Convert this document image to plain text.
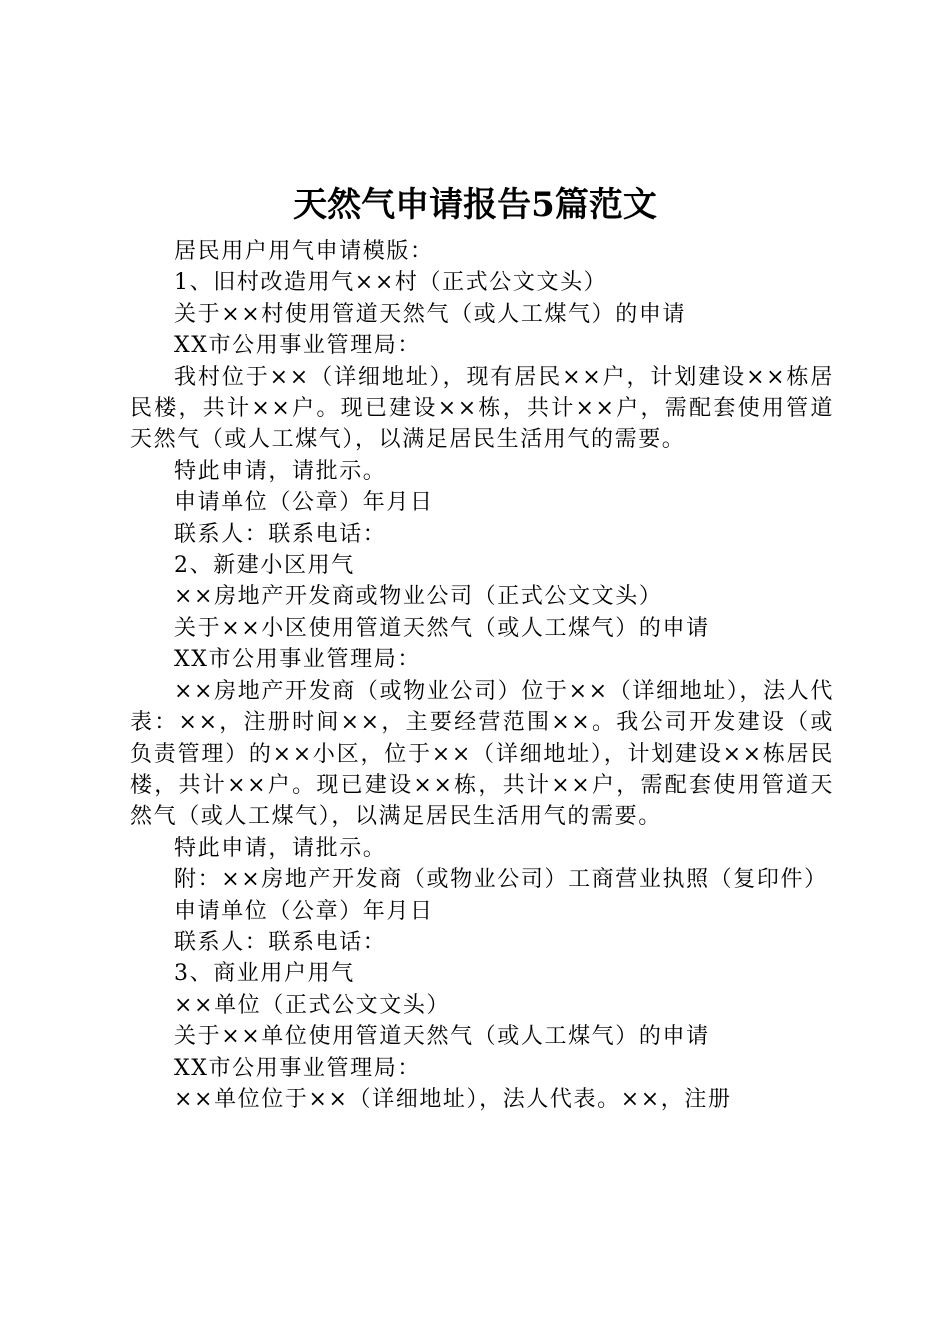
天然气申请报告5篇范文

居民用户用气申请模版：

1、旧村改造用气××村（正式公文文头）

关于××村使用管道天然气（或人工煤气）的申请

XX市公用事业管理局：

我村位于××（详细地址），现有居民××户，计划建设××栋居民楼，共计××户。现已建设××栋，共计××户，需配套使用管道天然气（或人工煤气），以满足居民生活用气的需要。

特此申请，请批示。

申请单位（公章）年月日

联系人：联系电话：

2、新建小区用气

××房地产开发商或物业公司（正式公文文头）

关于××小区使用管道天然气（或人工煤气）的申请

XX市公用事业管理局：

××房地产开发商（或物业公司）位于××（详细地址），法人代表：××，注册时间××，主要经营范围××。我公司开发建设（或负责管理）的××小区，位于××（详细地址），计划建设××栋居民楼，共计××户。现已建设××栋，共计××户，需配套使用管道天然气（或人工煤气），以满足居民生活用气的需要。

特此申请，请批示。

附：××房地产开发商（或物业公司）工商营业执照（复印件）

申请单位（公章）年月日

联系人：联系电话：

3、商业用户用气

××单位（正式公文文头）

关于××单位使用管道天然气（或人工煤气）的申请

XX市公用事业管理局：

××单位位于××（详细地址），法人代表。××，注册
